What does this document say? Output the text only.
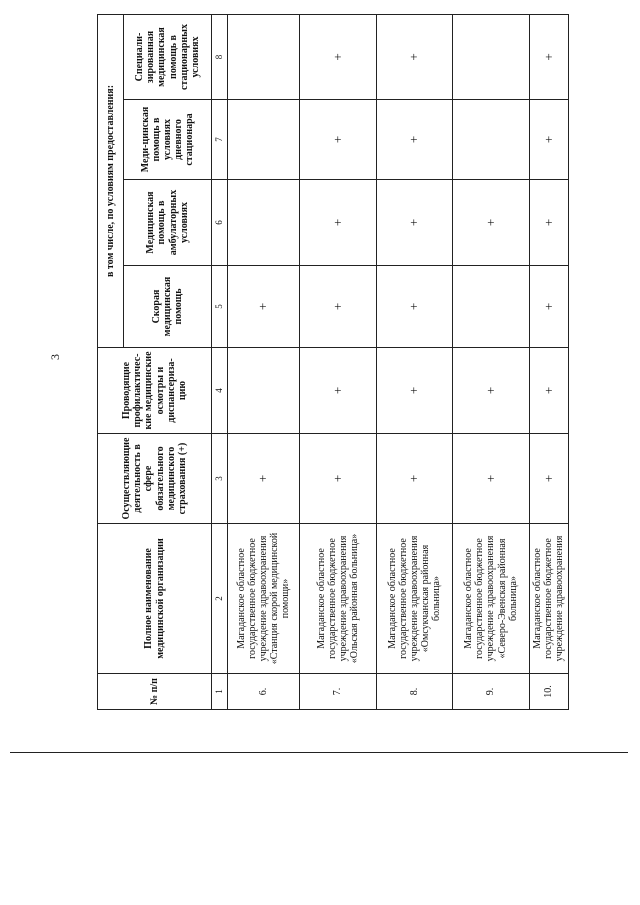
3
№ п/п	Полное наименование медицинской организации	Осуществляющие деятельность в сфере обязательного медицинского страхования (+)	Проводящие профилактичес-кие медицинские осмотры и диспансериза-цию	в том числе, по условиям предоставления:			
				Скорая медицинская помощь	Медицинская помощь в амбулаторных условиях	Меди-цинская помощь в условиях дневного стационара	Специали-зированная медицинская помощь в стационарных условиях
1	2	3	4	5	6	7	8
6.	Магаданское областное государственное бюджетное учреждение здравоохранения «Станция скорой медицинской помощи»	+		+			
7.	Магаданское областное государственное бюджетное учреждение здравоохранения «Ольская районная больница»	+	+	+	+	+	+
8.	Магаданское областное государственное бюджетное учреждение здравоохранения «Омсукчанская районная больница»	+	+	+	+	+	+
9.	Магаданское областное государственное бюджетное учреждение здравоохранения «Северо-Эвенская районная больница»	+	+		+		
10.	Магаданское областное государственное бюджетное учреждение здравоохранения	+	+	+	+	+	+
